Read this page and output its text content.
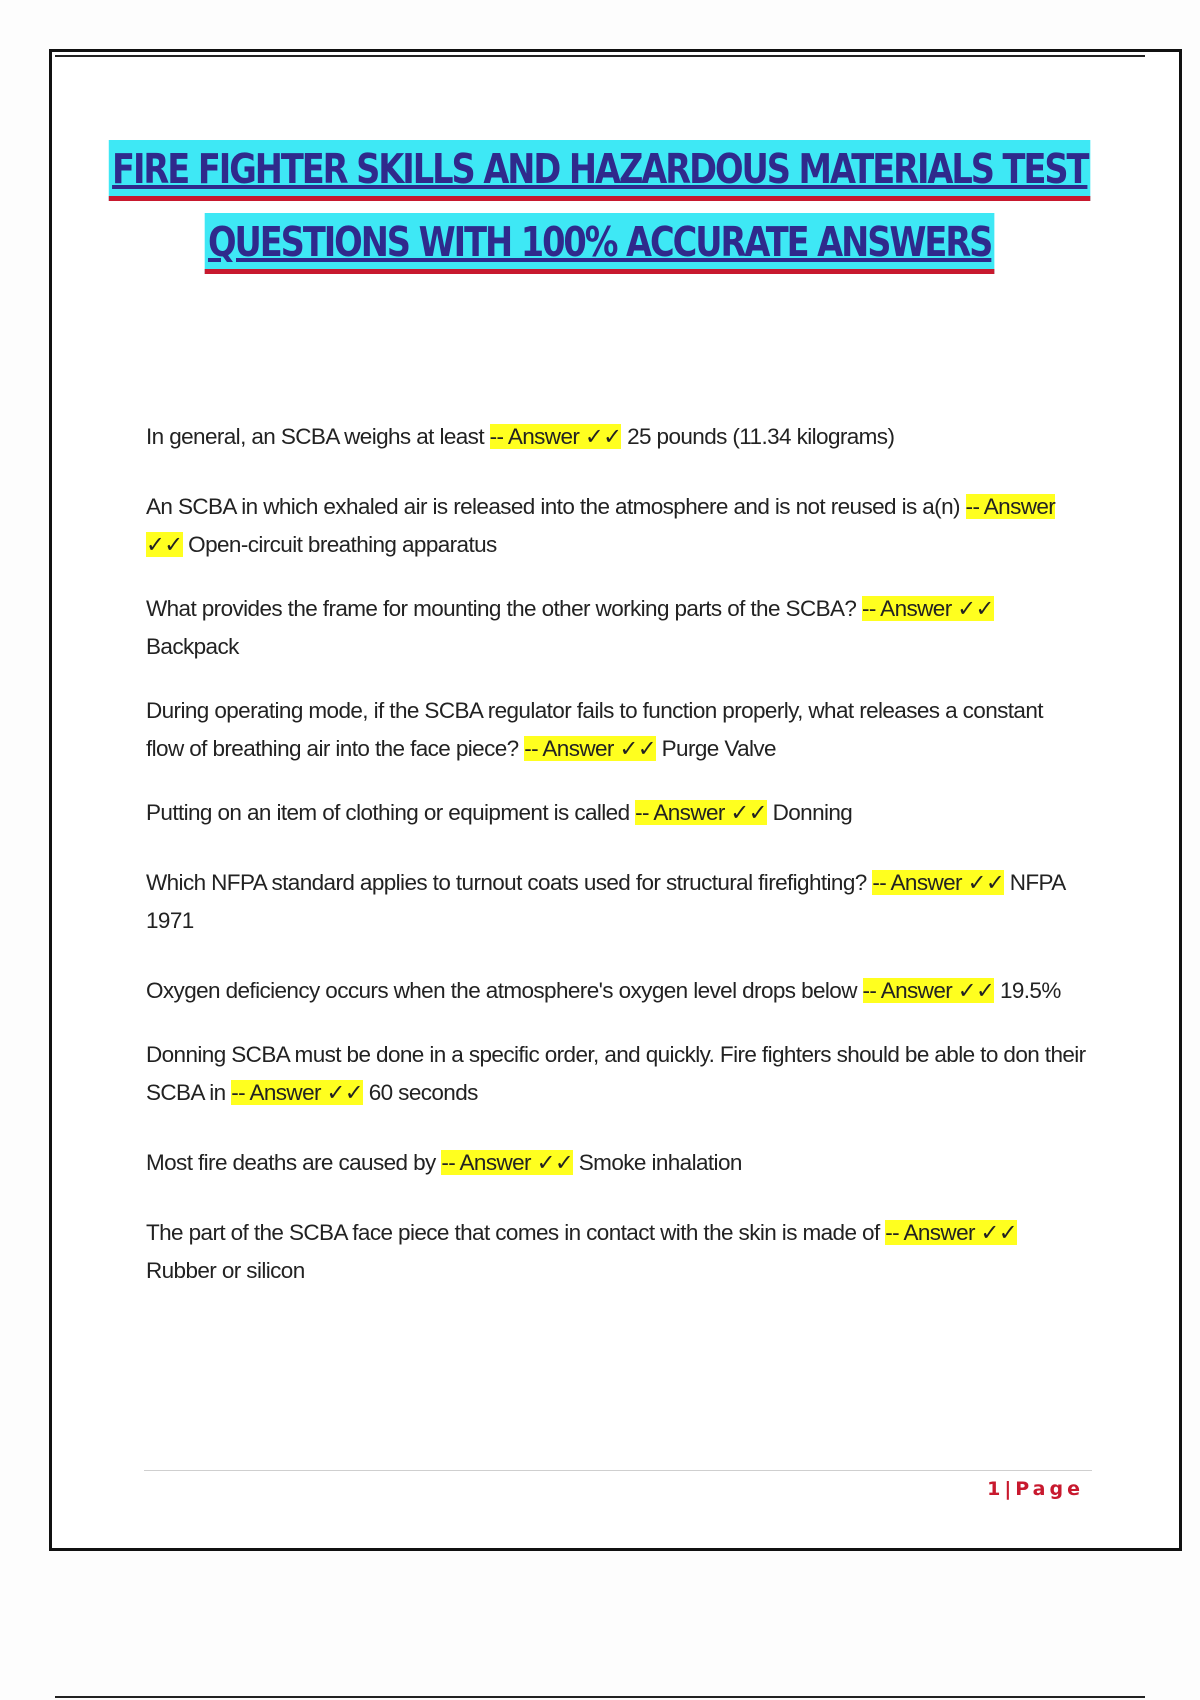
FIRE FIGHTER SKILLS AND HAZARDOUS MATERIALS TEST
QUESTIONS WITH 100% ACCURATE ANSWERS

In general, an SCBA weighs at least -- Answer ✓✓ 25 pounds (11.34 kilograms)

An SCBA in which exhaled air is released into the atmosphere and is not reused is a(n) -- Answer ✓✓ Open-circuit breathing apparatus

What provides the frame for mounting the other working parts of the SCBA? -- Answer ✓✓ Backpack

During operating mode, if the SCBA regulator fails to function properly, what releases a constant flow of breathing air into the face piece? -- Answer ✓✓ Purge Valve

Putting on an item of clothing or equipment is called -- Answer ✓✓ Donning

Which NFPA standard applies to turnout coats used for structural firefighting? -- Answer ✓✓ NFPA 1971

Oxygen deficiency occurs when the atmosphere's oxygen level drops below -- Answer ✓✓ 19.5%

Donning SCBA must be done in a specific order, and quickly. Fire fighters should be able to don their SCBA in -- Answer ✓✓ 60 seconds

Most fire deaths are caused by -- Answer ✓✓ Smoke inhalation

The part of the SCBA face piece that comes in contact with the skin is made of -- Answer ✓✓ Rubber or silicon

1|Page
